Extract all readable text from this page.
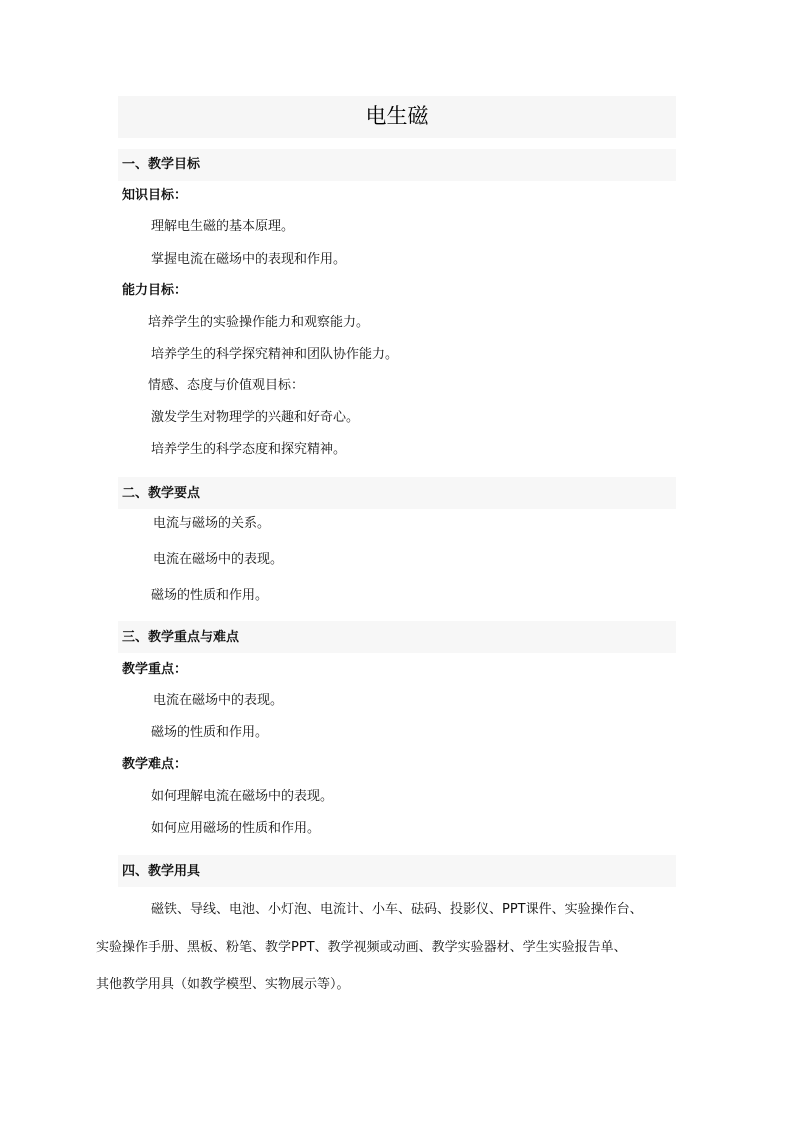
电生磁
一、教学目标
知识目标：
理解电生磁的基本原理。
掌握电流在磁场中的表现和作用。
能力目标：
培养学生的实验操作能力和观察能力。
培养学生的科学探究精神和团队协作能力。
情感、态度与价值观目标：
激发学生对物理学的兴趣和好奇心。
培养学生的科学态度和探究精神。
二、教学要点
电流与磁场的关系。
电流在磁场中的表现。
磁场的性质和作用。
三、教学重点与难点
教学重点：
电流在磁场中的表现。
磁场的性质和作用。
教学难点：
如何理解电流在磁场中的表现。
如何应用磁场的性质和作用。
四、教学用具
磁铁、导线、电池、小灯泡、电流计、小车、砝码、投影仪、PPT课件、实验操作台、
实验操作手册、黑板、粉笔、教学PPT、教学视频或动画、教学实验器材、学生实验报告单、
其他教学用具（如教学模型、实物展示等）。
